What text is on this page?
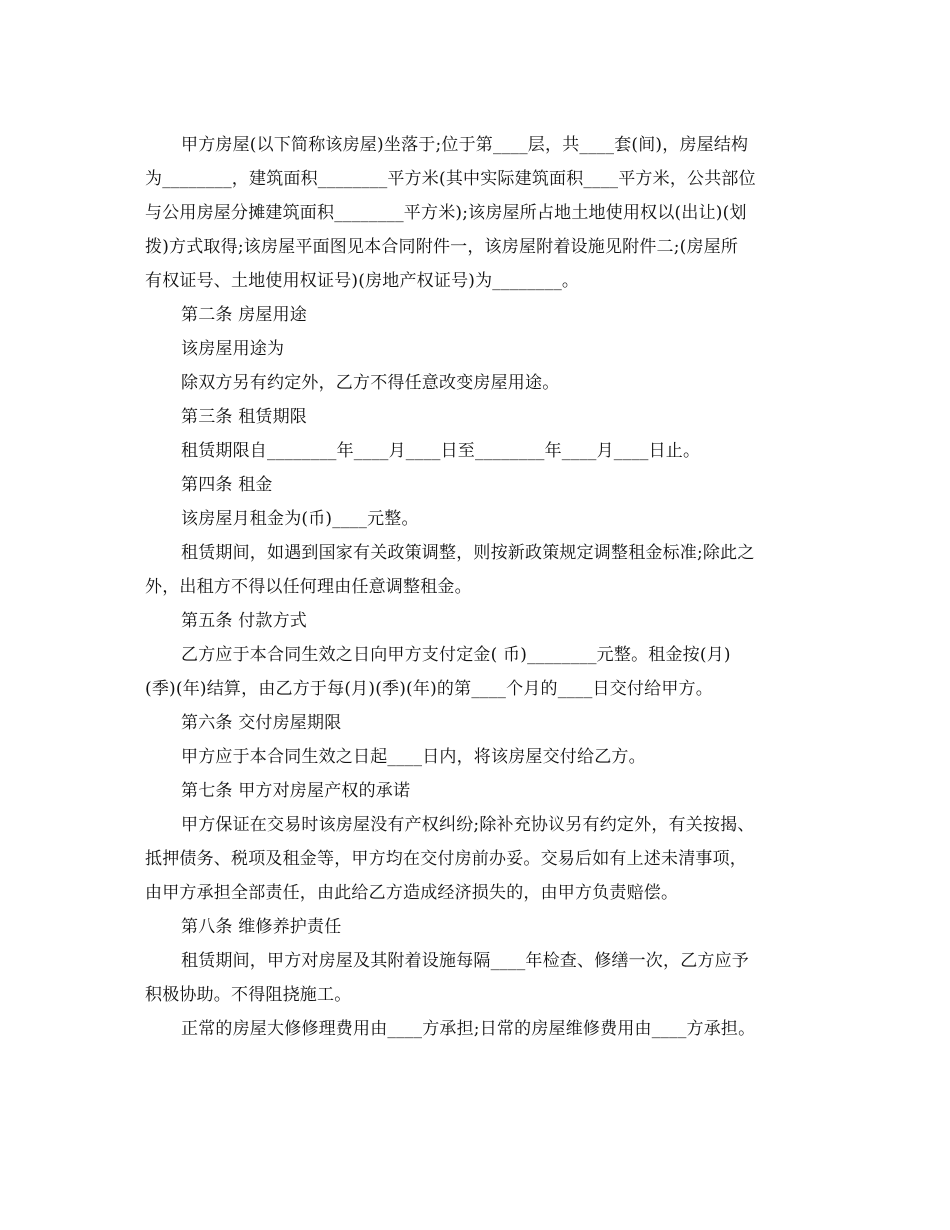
甲方房屋(以下简称该房屋)坐落于;位于第____层，共____套(间)，房屋结构
为________，建筑面积________平方米(其中实际建筑面积____平方米，公共部位
与公用房屋分摊建筑面积________平方米);该房屋所占地土地使用权以(出让)(划
拨)方式取得;该房屋平面图见本合同附件一，该房屋附着设施见附件二;(房屋所
有权证号、土地使用权证号)(房地产权证号)为________。
第二条 房屋用途
该房屋用途为
除双方另有约定外，乙方不得任意改变房屋用途。
第三条 租赁期限
租赁期限自________年____月____日至________年____月____日止。
第四条 租金
该房屋月租金为(币)____元整。
租赁期间，如遇到国家有关政策调整，则按新政策规定调整租金标准;除此之
外，出租方不得以任何理由任意调整租金。
第五条 付款方式
乙方应于本合同生效之日向甲方支付定金( 币)________元整。租金按(月)
(季)(年)结算，由乙方于每(月)(季)(年)的第____个月的____日交付给甲方。
第六条 交付房屋期限
甲方应于本合同生效之日起____日内，将该房屋交付给乙方。
第七条 甲方对房屋产权的承诺
甲方保证在交易时该房屋没有产权纠纷;除补充协议另有约定外，有关按揭、
抵押债务、税项及租金等，甲方均在交付房前办妥。交易后如有上述未清事项，
由甲方承担全部责任，由此给乙方造成经济损失的，由甲方负责赔偿。
第八条 维修养护责任
租赁期间，甲方对房屋及其附着设施每隔____年检查、修缮一次，乙方应予
积极协助。不得阻挠施工。
正常的房屋大修修理费用由____方承担;日常的房屋维修费用由____方承担。
